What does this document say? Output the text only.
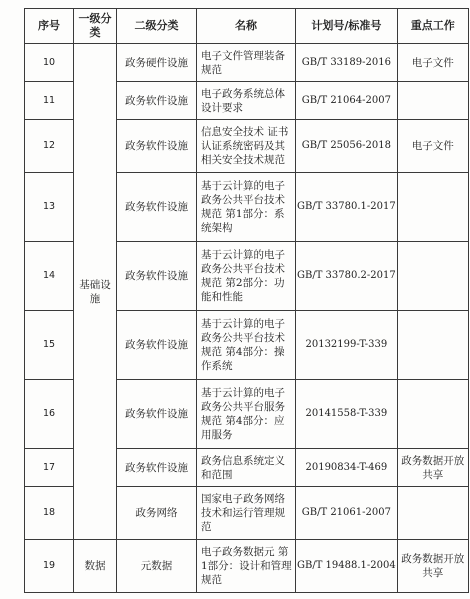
序号	一级分类	二级分类	名称	计划号/标准号	重点工作
10	基础设施	政务硬件设施	电子文件管理装备规范	GB/T 33189-2016	电子文件
11		政务软件设施	电子政务系统总体设计要求	GB/T 21064-2007	
12		政务软件设施	信息安全技术 证书认证系统密码及其相关安全技术规范	GB/T 25056-2018	电子文件
13		政务软件设施	基于云计算的电子政务公共平台技术规范 第1部分：系统架构	GB/T 33780.1-2017	
14		政务软件设施	基于云计算的电子政务公共平台技术规范 第2部分：功能和性能	GB/T 33780.2-2017	
15		政务软件设施	基于云计算的电子政务公共平台技术规范 第4部分：操作系统	20132199-T-339	
16		政务软件设施	基于云计算的电子政务公共平台服务规范 第4部分：应用服务	20141558-T-339	
17		政务软件设施	政务信息系统定义和范围	20190834-T-469	政务数据开放共享
18		政务网络	国家电子政务网络技术和运行管理规范	GB/T 21061-2007	
19	数据	元数据	电子政务数据元 第1部分：设计和管理规范	GB/T 19488.1-2004	政务数据开放共享
